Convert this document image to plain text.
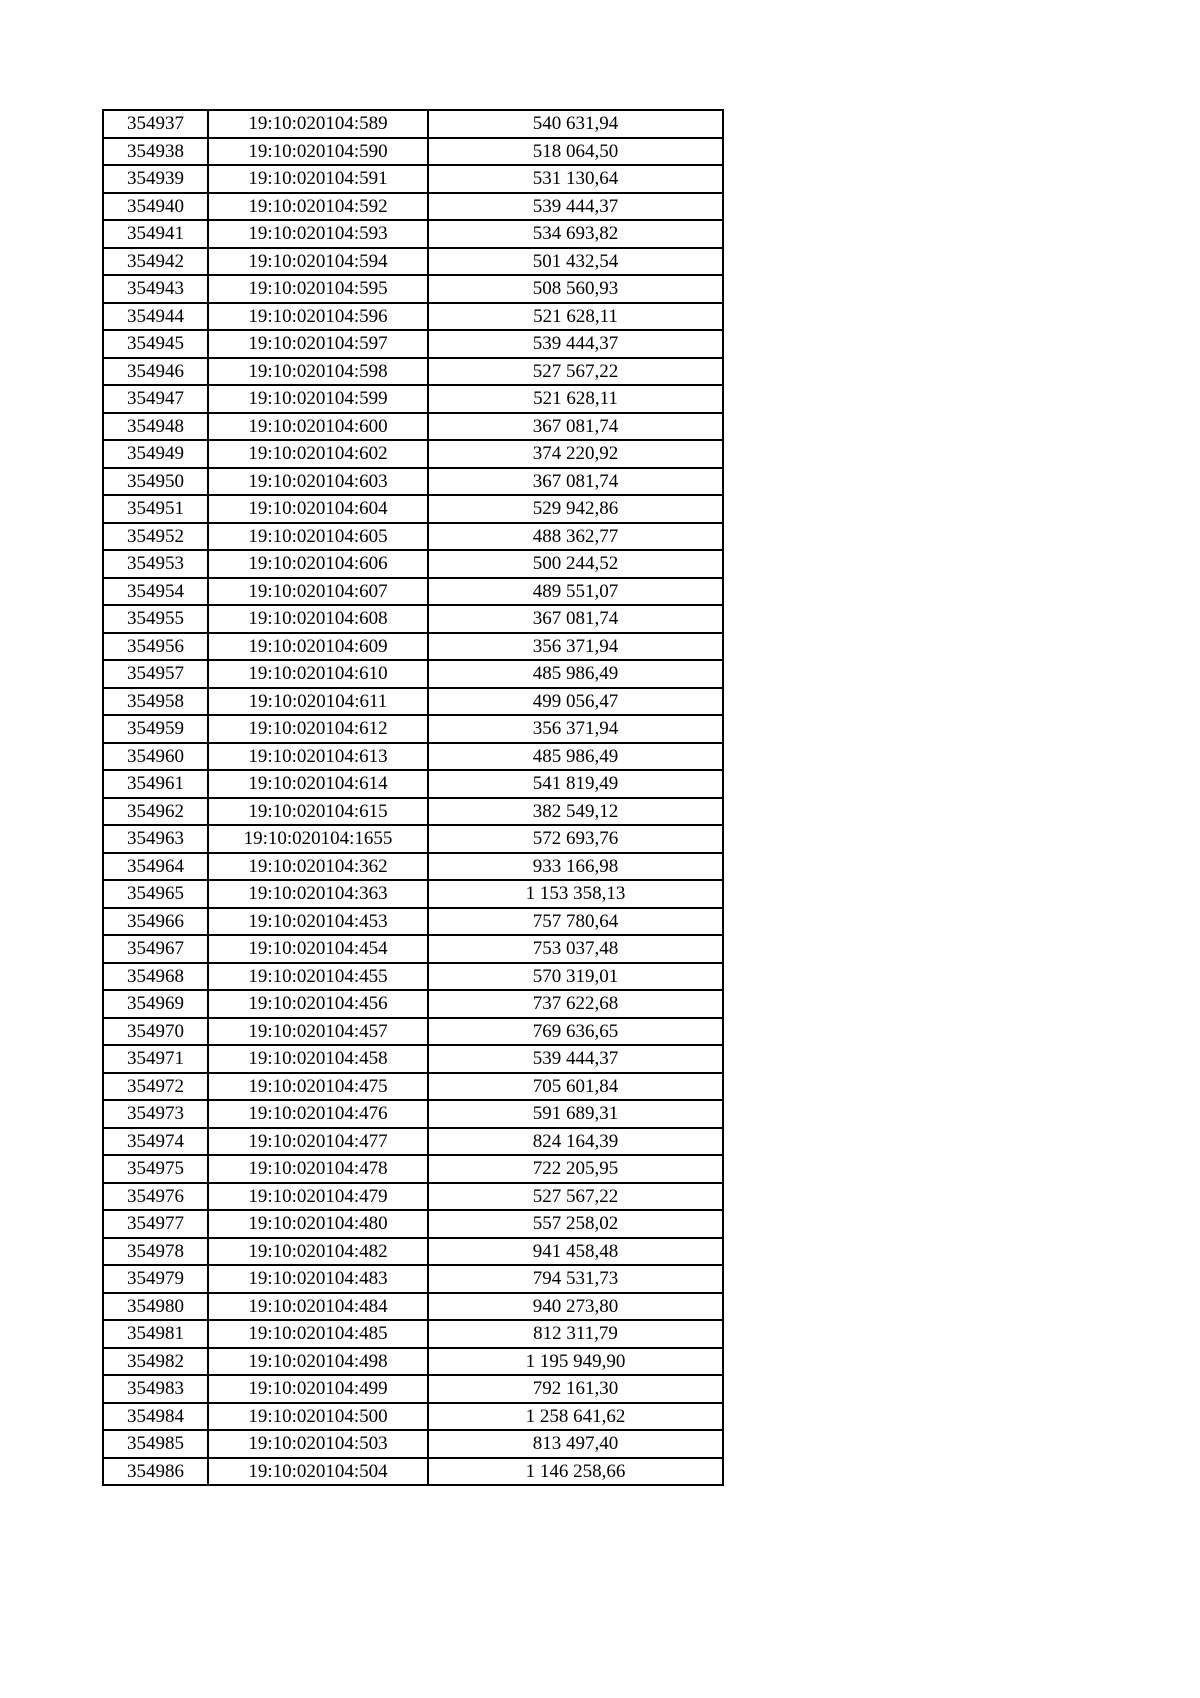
354937	19:10:020104:589	540 631,94
354938	19:10:020104:590	518 064,50
354939	19:10:020104:591	531 130,64
354940	19:10:020104:592	539 444,37
354941	19:10:020104:593	534 693,82
354942	19:10:020104:594	501 432,54
354943	19:10:020104:595	508 560,93
354944	19:10:020104:596	521 628,11
354945	19:10:020104:597	539 444,37
354946	19:10:020104:598	527 567,22
354947	19:10:020104:599	521 628,11
354948	19:10:020104:600	367 081,74
354949	19:10:020104:602	374 220,92
354950	19:10:020104:603	367 081,74
354951	19:10:020104:604	529 942,86
354952	19:10:020104:605	488 362,77
354953	19:10:020104:606	500 244,52
354954	19:10:020104:607	489 551,07
354955	19:10:020104:608	367 081,74
354956	19:10:020104:609	356 371,94
354957	19:10:020104:610	485 986,49
354958	19:10:020104:611	499 056,47
354959	19:10:020104:612	356 371,94
354960	19:10:020104:613	485 986,49
354961	19:10:020104:614	541 819,49
354962	19:10:020104:615	382 549,12
354963	19:10:020104:1655	572 693,76
354964	19:10:020104:362	933 166,98
354965	19:10:020104:363	1 153 358,13
354966	19:10:020104:453	757 780,64
354967	19:10:020104:454	753 037,48
354968	19:10:020104:455	570 319,01
354969	19:10:020104:456	737 622,68
354970	19:10:020104:457	769 636,65
354971	19:10:020104:458	539 444,37
354972	19:10:020104:475	705 601,84
354973	19:10:020104:476	591 689,31
354974	19:10:020104:477	824 164,39
354975	19:10:020104:478	722 205,95
354976	19:10:020104:479	527 567,22
354977	19:10:020104:480	557 258,02
354978	19:10:020104:482	941 458,48
354979	19:10:020104:483	794 531,73
354980	19:10:020104:484	940 273,80
354981	19:10:020104:485	812 311,79
354982	19:10:020104:498	1 195 949,90
354983	19:10:020104:499	792 161,30
354984	19:10:020104:500	1 258 641,62
354985	19:10:020104:503	813 497,40
354986	19:10:020104:504	1 146 258,66
